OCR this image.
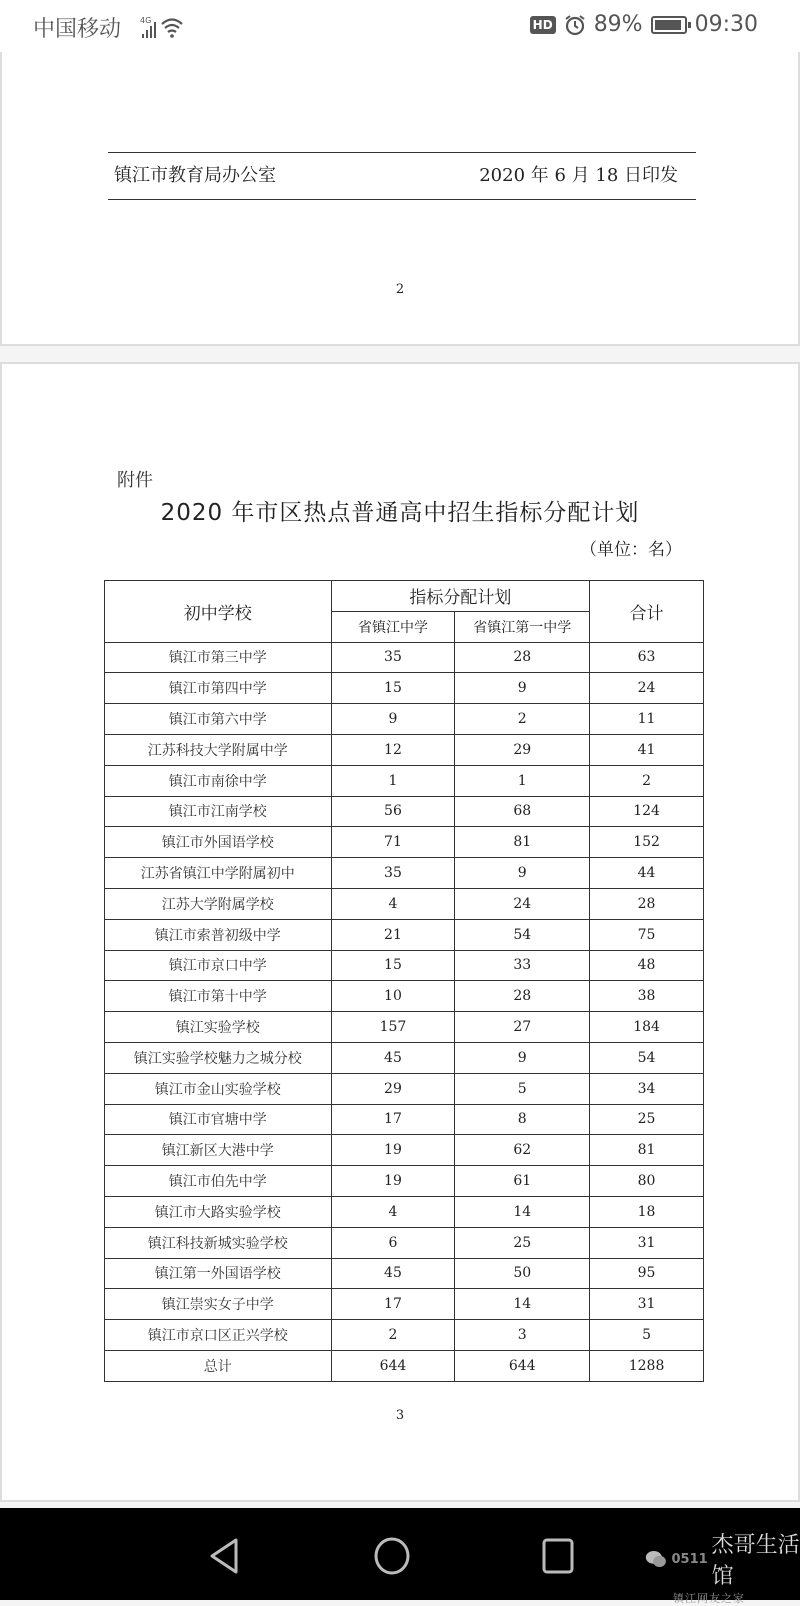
中国移动 4G	HD 89% 09:30
镇江市教育局办公室	2020 年 6 月 18 日印发
2
附件
2020 年市区热点普通高中招生指标分配计划
（单位：名）
初中学校	指标分配计划		合计
	省镇江中学	省镇江第一中学	
镇江市第三中学	35	28	63
镇江市第四中学	15	9	24
镇江市第六中学	9	2	11
江苏科技大学附属中学	12	29	41
镇江市南徐中学	1	1	2
镇江市江南学校	56	68	124
镇江市外国语学校	71	81	152
江苏省镇江中学附属初中	35	9	44
江苏大学附属学校	4	24	28
镇江市索普初级中学	21	54	75
镇江市京口中学	15	33	48
镇江市第十中学	10	28	38
镇江实验学校	157	27	184
镇江实验学校魅力之城分校	45	9	54
镇江市金山实验学校	29	5	34
镇江市官塘中学	17	8	25
镇江新区大港中学	19	62	81
镇江市伯先中学	19	61	80
镇江市大路实验学校	4	14	18
镇江科技新城实验学校	6	25	31
镇江第一外国语学校	45	50	95
镇江崇实女子中学	17	14	31
镇江市京口区正兴学校	2	3	5
总计	644	644	1288
3
0511
杰哥生活馆
镇江网友之家
